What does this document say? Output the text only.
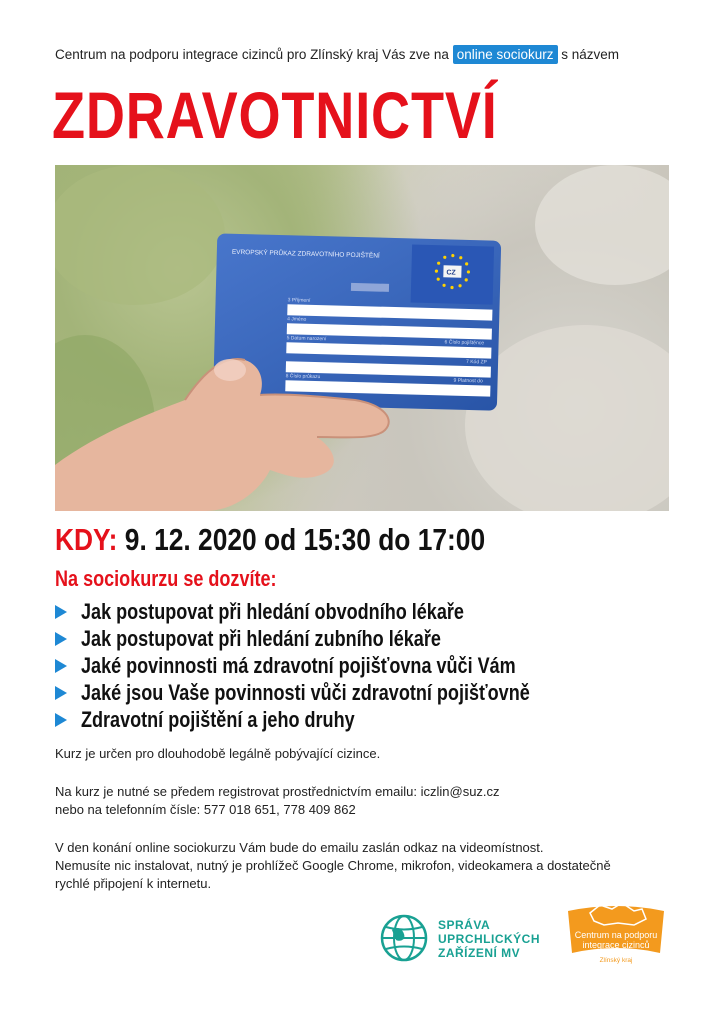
Centrum na podporu integrace cizinců pro Zlínský kraj Vás zve na online sociokurz s názvem
ZDRAVOTNICTVÍ
EVROPSKÝ PRŮKAZ ZDRAVOTNÍHO POJIŠTĚNÍ
CZ
3 Příjmení
4 Jméno
5 Datum narození
6 Číslo pojištěnce
7 Kód ZP
8 Číslo průkazu
9 Platnost do
KDY: 9. 12. 2020 od 15:30 do 17:00
Na sociokurzu se dozvíte:
Jak postupovat při hledání obvodního lékaře
Jak postupovat při hledání zubního lékaře
Jaké povinnosti má zdravotní pojišťovna vůči Vám
Jaké jsou Vaše povinnosti vůči zdravotní pojišťovně
Zdravotní pojištění a jeho druhy
Kurz je určen pro dlouhodobě legálně pobývající cizince.
Na kurz je nutné se předem registrovat prostřednictvím emailu: iczlin@suz.cz
nebo na telefonním čísle: 577 018 651, 778 409 862
V den konání online sociokurzu Vám bude do emailu zaslán odkaz na videomístnost.
Nemusíte nic instalovat, nutný je prohlížeč Google Chrome, mikrofon, videokamera a dostatečně
rychlé připojení k internetu.
SPRÁVA
UPRCHLICKÝCH
ZAŘÍZENÍ MV
Centrum na podporu
integrace cizinců
Zlínský kraj
